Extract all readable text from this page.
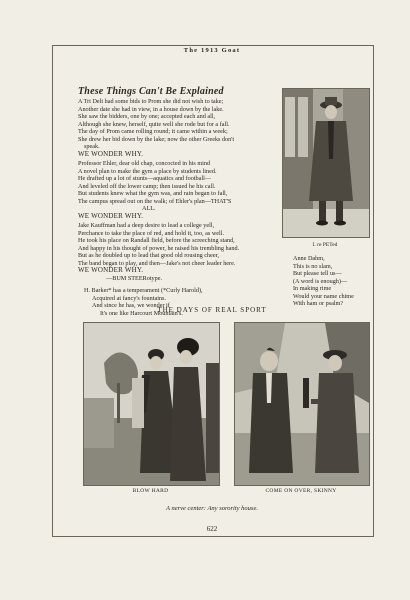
The 1913 Goat
These Things Can't Be Explained
A Tri Delt had some bids to Prom she did not wish to take;
Another date she had in view, in a house down by the lake.
She saw the bidders, one by one; accepted each and all,
Although she knew, herself, quite well she rode but for a fall.
The day of Prom came rolling round; it came within a week;
She drew her bid down by the lake; now the other Greeks don't
speak.
WE WONDER WHY.
Professor Ehler, dear old chap, concocted in his mind
A novel plan to make the gym a place by students lined.
He drafted up a lot of stunts—aquatics and football—
And leveled off the lower camp; then issued he his call.
But students knew what the gym was, and rain began to fall,
The campus spread out on the walk; of Ehler's plan—THAT'S
ALL.
WE WONDER WHY.
Jake Kauffman had a deep desire to lead a college yell,
Perchance to take the place of red, and hold it, too, as well.
He took his place on Randall field, before the screeching stand,
And happy in his thought of power, he raised his trembling hand.
But as he doubled up to lead that good old rousing cheer,
The band began to play, and then—Jake's not cheer leader here.
WE WONDER WHY.
—BUM STEERotype.
H. Barker* has a temperament (*Curly Harold),
Acquired at fancy's fountains.
And since he has, we wonder if
It's one like Harcourt Mountain's.
I. re PETed
Anne Dahm,
This is no slam,
But please tell us—
(A word is enough)—
In making rime
Would your name chime
With ham or psalm?
THE DAYS OF REAL SPORT
BLOW HARD	COME ON OVER, SKINNY
A nerve center: Any sorority house.
622
